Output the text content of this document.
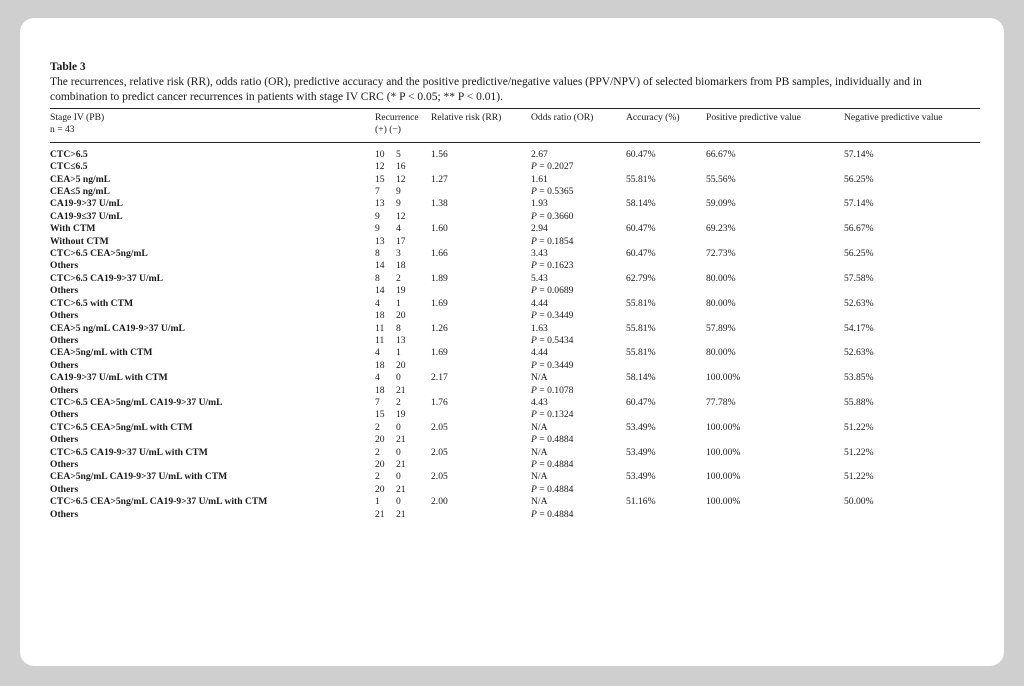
Table 3
The recurrences, relative risk (RR), odds ratio (OR), predictive accuracy and the positive predictive/negative values (PPV/NPV) of selected biomarkers from PB samples, individually and in combination to predict cancer recurrences in patients with stage IV CRC (* P < 0.05; ** P < 0.01).
Stage IV (PB)
n = 43	Recurrence
(+) (−)		Relative risk (RR)	Odds ratio (OR)	Accuracy (%)	Positive predictive value	Negative predictive value
CTC>6.5	10	5	1.56	2.67	60.47%	66.67%	57.14%
CTC≤6.5	12	16		P = 0.2027			
CEA>5 ng/mL	15	12	1.27	1.61	55.81%	55.56%	56.25%
CEA≤5 ng/mL	7	9		P = 0.5365			
CA19-9>37 U/mL	13	9	1.38	1.93	58.14%	59.09%	57.14%
CA19-9≤37 U/mL	9	12		P = 0.3660			
With CTM	9	4	1.60	2.94	60.47%	69.23%	56.67%
Without CTM	13	17		P = 0.1854			
CTC>6.5 CEA>5ng/mL	8	3	1.66	3.43	60.47%	72.73%	56.25%
Others	14	18		P = 0.1623			
CTC>6.5 CA19-9>37 U/mL	8	2	1.89	5.43	62.79%	80.00%	57.58%
Others	14	19		P = 0.0689			
CTC>6.5 with CTM	4	1	1.69	4.44	55.81%	80.00%	52.63%
Others	18	20		P = 0.3449			
CEA>5 ng/mL CA19-9>37 U/mL	11	8	1.26	1.63	55.81%	57.89%	54.17%
Others	11	13		P = 0.5434			
CEA>5ng/mL with CTM	4	1	1.69	4.44	55.81%	80.00%	52.63%
Others	18	20		P = 0.3449			
CA19-9>37 U/mL with CTM	4	0	2.17	N/A	58.14%	100.00%	53.85%
Others	18	21		P = 0.1078			
CTC>6.5 CEA>5ng/mL CA19-9>37 U/mL	7	2	1.76	4.43	60.47%	77.78%	55.88%
Others	15	19		P = 0.1324			
CTC>6.5 CEA>5ng/mL with CTM	2	0	2.05	N/A	53.49%	100.00%	51.22%
Others	20	21		P = 0.4884			
CTC>6.5 CA19-9>37 U/mL with CTM	2	0	2.05	N/A	53.49%	100.00%	51.22%
Others	20	21		P = 0.4884			
CEA>5ng/mL CA19-9>37 U/mL with CTM	2	0	2.05	N/A	53.49%	100.00%	51.22%
Others	20	21		P = 0.4884			
CTC>6.5 CEA>5ng/mL CA19-9>37 U/mL with CTM	1	0	2.00	N/A	51.16%	100.00%	50.00%
Others	21	21		P = 0.4884			
